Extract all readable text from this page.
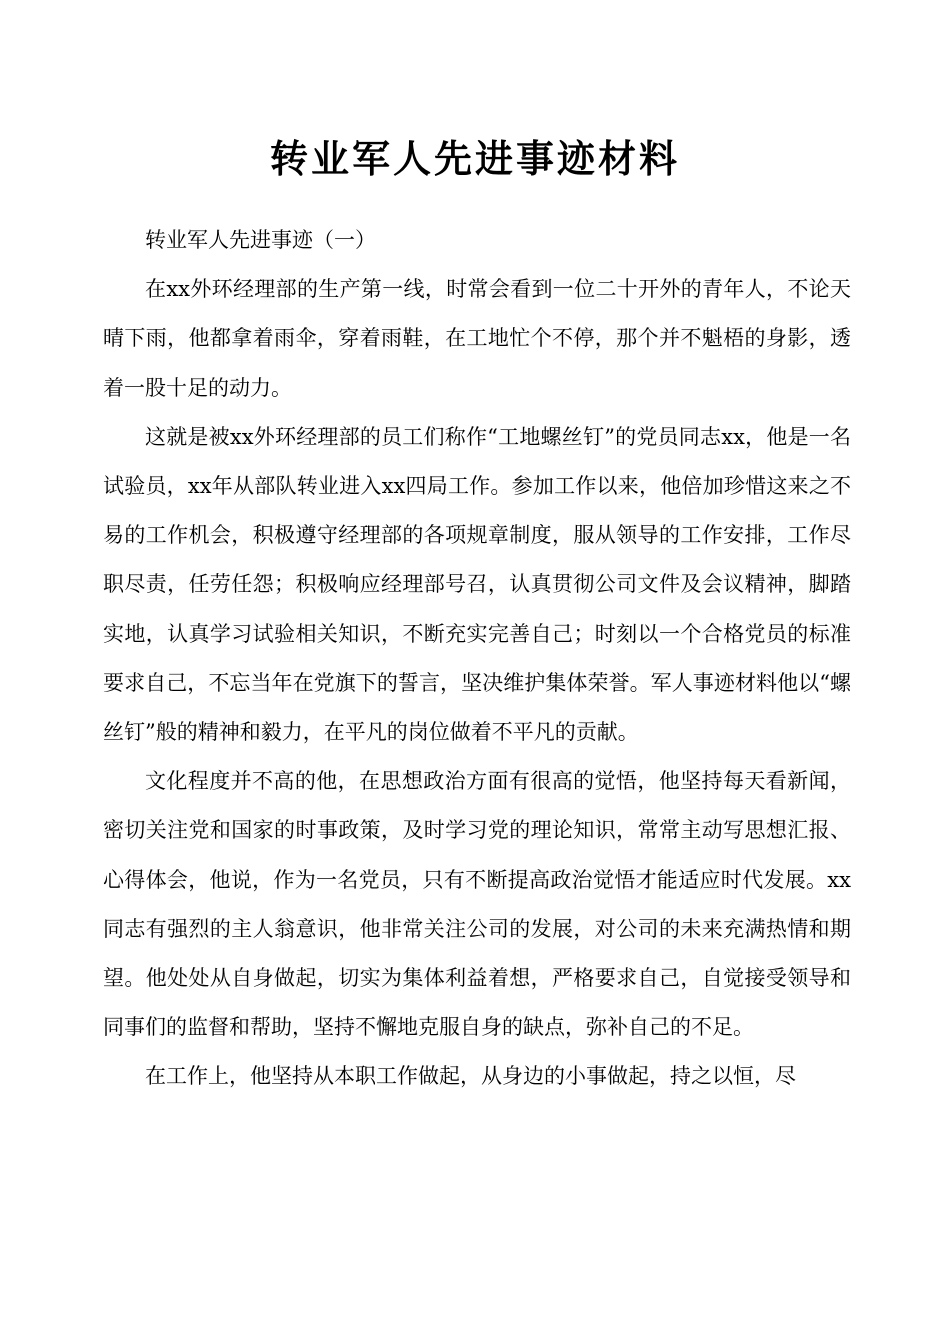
转业军人先进事迹材料

转业军人先进事迹（一）

在xx外环经理部的生产第一线，时常会看到一位二十开外的青年人，不论天晴下雨，他都拿着雨伞，穿着雨鞋，在工地忙个不停，那个并不魁梧的身影，透着一股十足的动力。

这就是被xx外环经理部的员工们称作“工地螺丝钉”的党员同志xx，他是一名试验员，xx年从部队转业进入xx四局工作。参加工作以来，他倍加珍惜这来之不易的工作机会，积极遵守经理部的各项规章制度，服从领导的工作安排，工作尽职尽责，任劳任怨；积极响应经理部号召，认真贯彻公司文件及会议精神，脚踏实地，认真学习试验相关知识，不断充实完善自己；时刻以一个合格党员的标准要求自己，不忘当年在党旗下的誓言，坚决维护集体荣誉。军人事迹材料他以“螺丝钉”般的精神和毅力，在平凡的岗位做着不平凡的贡献。

文化程度并不高的他，在思想政治方面有很高的觉悟，他坚持每天看新闻，密切关注党和国家的时事政策，及时学习党的理论知识，常常主动写思想汇报、心得体会，他说，作为一名党员，只有不断提高政治觉悟才能适应时代发展。xx同志有强烈的主人翁意识，他非常关注公司的发展，对公司的未来充满热情和期望。他处处从自身做起，切实为集体利益着想，严格要求自己，自觉接受领导和同事们的监督和帮助，坚持不懈地克服自身的缺点，弥补自己的不足。

在工作上，他坚持从本职工作做起，从身边的小事做起，持之以恒，尽
